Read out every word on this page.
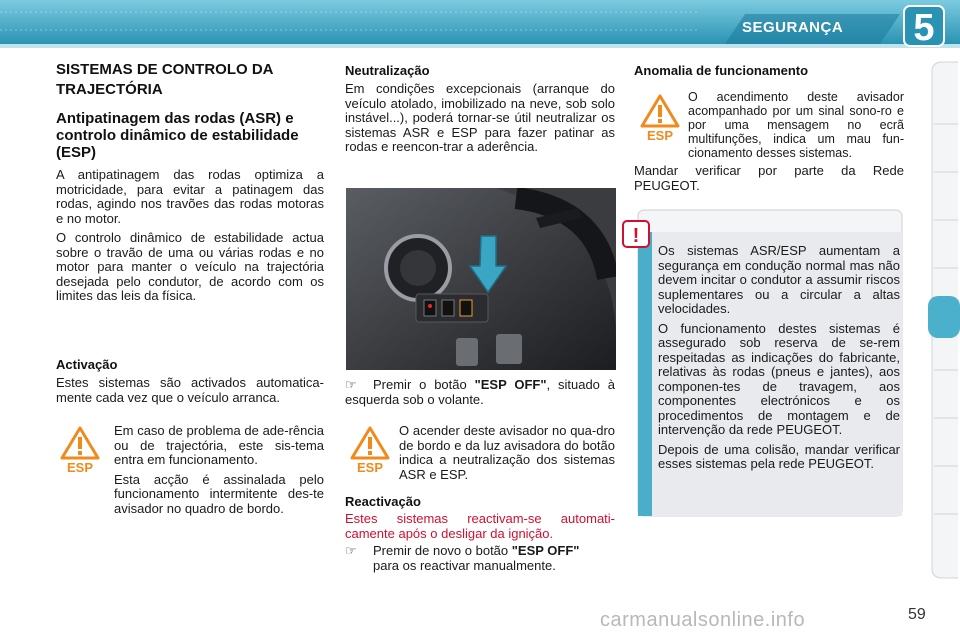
SEGURANÇA 5
SISTEMAS DE CONTROLO DA TRAJECTÓRIA
Antipatinagem das rodas (ASR) e controlo dinâmico de estabilidade (ESP)

A antipatinagem das rodas optimiza a motricidade, para evitar a patinagem das rodas, agindo nos travões das rodas motoras e no motor.

O controlo dinâmico de estabilidade actua sobre o travão de uma ou várias rodas e no motor para manter o veículo na trajectória desejada pelo condutor, de acordo com os limites das leis da física.

Activação
Estes sistemas são activados automatica-mente cada vez que o veículo arranca.
ESP

Em caso de problema de ade-rência ou de trajectória, este sis-tema entra em funcionamento.

Esta acção é assinalada pelo funcionamento intermitente des-te avisador no quadro de bordo.

Neutralização
Em condições excepcionais (arranque do veículo atolado, imobilizado na neve, sob solo instável...), poderá tornar-se útil neutralizar os sistemas ASR e ESP para fazer patinar as rodas e reencon-trar a aderência.
☞ Premir o botão "ESP OFF", situado à esquerda sob o volante.
ESP
O acender deste avisador no qua-dro de bordo e da luz avisadora do botão indica a neutralização dos sistemas ASR e ESP.
Reactivação
Estes sistemas reactivam-se automati-camente após o desligar da ignição.
☞ Premir de novo o botão "ESP OFF"
para os reactivar manualmente.
Anomalia de funcionamento
ESP
O acendimento deste avisador acompanhado por um sinal sono-ro e por uma mensagem no ecrã multifunções, indica um mau fun-cionamento desses sistemas.
Mandar verificar por parte da Rede PEUGEOT.

Os sistemas ASR/ESP aumentam a segurança em condução normal mas não devem incitar o condutor a assumir riscos suplementares ou a circular a altas velocidades.

O funcionamento destes sistemas é assegurado sob reserva de se-rem respeitadas as indicações do fabricante, relativas às rodas (pneus e jantes), aos componen-tes de travagem, aos componentes electrónicos e os procedimentos de montagem e de intervenção da rede PEUGEOT.

Depois de uma colisão, mandar verificar esses sistemas pela rede PEUGEOT.

!
carmanualsonline.info	59
